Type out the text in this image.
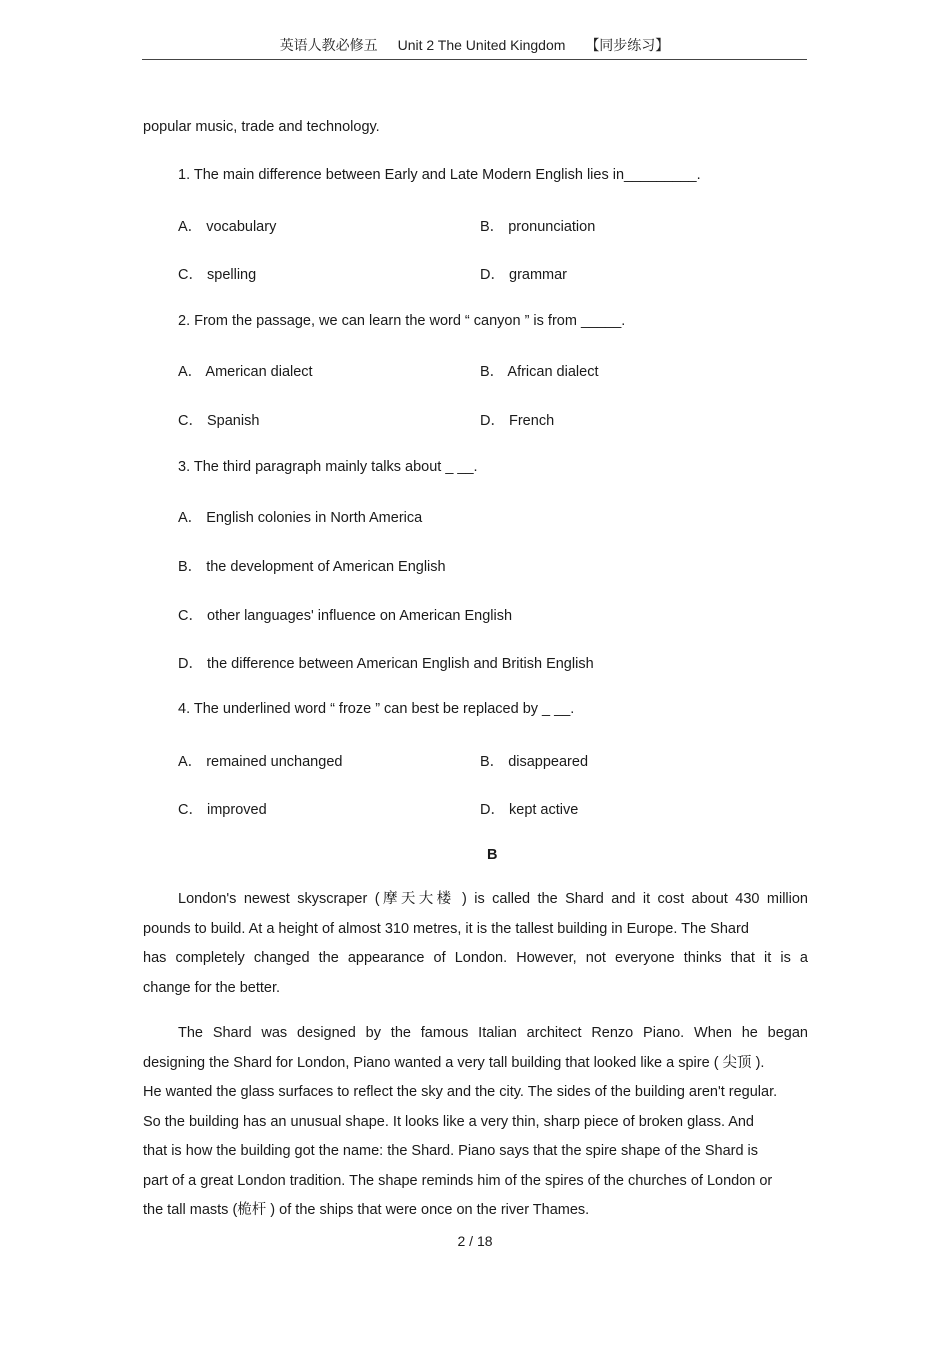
英语人教必修五 Unit 2 The United Kingdom 【同步练习】
popular music, trade and technology.
1. The main difference between Early and Late Modern English lies in_________.
A． vocabulary	B． pronunciation
C． spelling	D． grammar
2. From the passage, we can learn the word “ canyon ” is from _____.
A． American dialect	B． African dialect
C． Spanish	D． French
3. The third paragraph mainly talks about _ __.
A． English colonies in North America
B． the development of American English
C． other languages' influence on American English
D． the difference between American English and British English
4. The underlined word “ froze ” can best be replaced by _ __.
A． remained unchanged	B． disappeared
C． improved	D． kept active
B
London's newest skyscraper (摩天大楼 ) is called the Shard and it cost about 430 million
pounds to build. At a height of almost 310 metres, it is the tallest building in Europe. The Shard
has completely changed the appearance of London. However, not everyone thinks that it is a
change for the better.
The Shard was designed by the famous Italian architect Renzo Piano. When he began
designing the Shard for London, Piano wanted a very tall building that looked like a spire ( 尖顶 ).
He wanted the glass surfaces to reflect the sky and the city. The sides of the building aren't regular.
So the building has an unusual shape. It looks like a very thin, sharp piece of broken glass. And
that is how the building got the name: the Shard. Piano says that the spire shape of the Shard is
part of a great London tradition. The shape reminds him of the spires of the churches of London or
the tall masts (桅杆 ) of the ships that were once on the river Thames.
2 / 18
